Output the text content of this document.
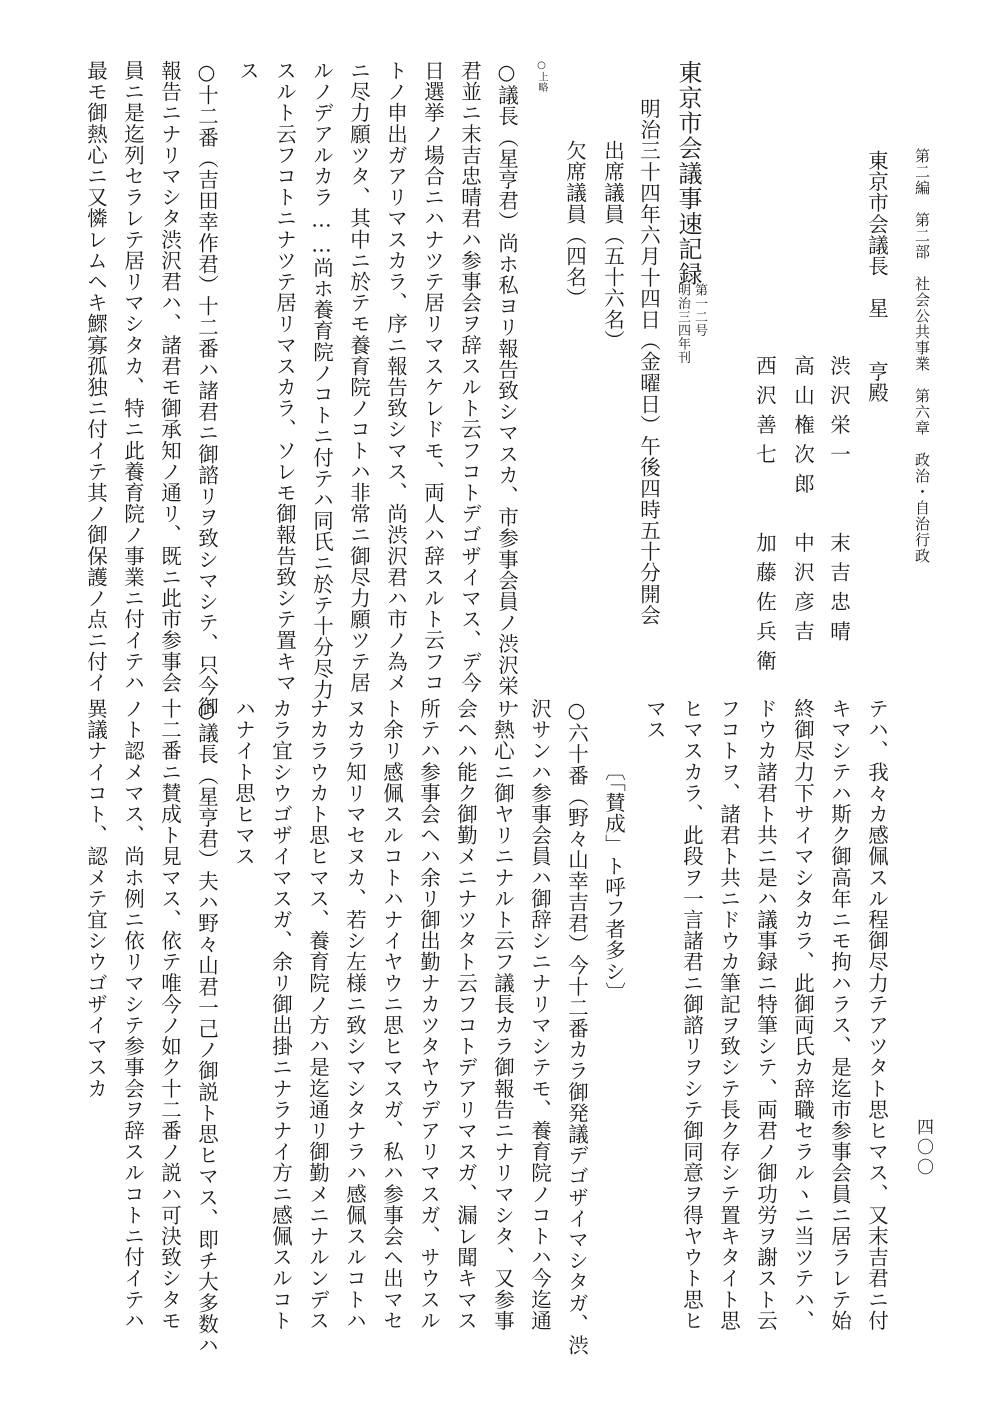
第二編　第二部　社会公共事業　第六章　政治・自治行政
四〇〇
東京市会議長　星　　亨殿
渋沢栄一　　末吉忠晴
高山権次郎　中沢彦吉
西沢善七　　加藤佐兵衛
東京市会議事速記録
第一二号
明治三四年刊
明治三十四年六月十四日（金曜日）午後四時五十分開会
出席議員（五十六名）
欠席議員（四名）
○上略
○議長（星亨君）尚ホ私ヨリ報告致シマスカ、市参事会員ノ渋沢栄一
君並ニ末吉忠晴君ハ参事会ヲ辞スルト云フコトデゴザイマス、デ今
日選挙ノ場合ニハナツテ居リマスケレドモ、両人ハ辞スルト云フコ
トノ申出ガアリマスカラ、序ニ報告致シマス、尚渋沢君ハ市ノ為メ
ニ尽力願ツタ、其中ニ於テモ養育院ノコトハ非常ニ御尽力願ツテ居
ルノデアルカラ……尚ホ養育院ノコトニ付テハ同氏ニ於テ十分尽力
スルト云フコトニナツテ居リマスカラ、ソレモ御報告致シテ置キマ
ス
○十二番（吉田幸作君）十二番ハ諸君ニ御諮リヲ致シマシテ、只今御
報告ニナリマシタ渋沢君ハ、諸君モ御承知ノ通リ、既ニ此市参事会
員ニ是迄列セラレテ居リマシタカ、特ニ此養育院ノ事業ニ付イテハ
最モ御熱心ニ又憐レムヘキ鰥寡孤独ニ付イテ其ノ御保護ノ点ニ付イ
テハ、我々カ感佩スル程御尽力テアツタト思ヒマス、又末吉君ニ付
キマシテハ斯ク御高年ニモ拘ハラス、是迄市参事会員ニ居ラレテ始
終御尽力下サイマシタカラ、此御両氏カ辞職セラルヽニ当ツテハ、
ドウカ諸君ト共ニ是ハ議事録ニ特筆シテ、両君ノ御功労ヲ謝スト云
フコトヲ、諸君ト共ニドウカ筆記ヲ致シテ長ク存シテ置キタイト思
ヒマスカラ、此段ヲ一言諸君ニ御諮リヲシテ御同意ヲ得ヤウト思ヒ
マス
〔「賛成」ト呼フ者多シ〕
○六十番（野々山幸吉君）今十二番カラ御発議デゴザイマシタガ、渋
沢サンハ参事会員ハ御辞シニナリマシテモ、養育院ノコトハ今迄通
リ熱心ニ御ヤリニナルト云フ議長カラ御報告ニナリマシタ、又参事
会ヘハ能ク御勤メニナツタト云フコトデアリマスガ、漏レ聞キマス
所テハ参事会ヘハ余リ御出勤ナカツタヤウデアリマスガ、サウスル
ト余リ感佩スルコトハナイヤウニ思ヒマスガ、私ハ参事会ヘ出マセ
ヌカラ知リマセヌカ、若シ左様ニ致シマシタナラハ感佩スルコトハ
ナカラウカト思ヒマス、養育院ノ方ハ是迄通リ御勤メニナルンデス
カラ宜シウゴザイマスガ、余リ御出掛ニナラナイ方ニ感佩スルコト
ハナイト思ヒマス
○議長（星亨君）夫ハ野々山君一己ノ御説ト思ヒマス、即チ大多数ハ
十二番ニ賛成ト見マス、依テ唯今ノ如ク十二番ノ説ハ可決致シタモ
ノト認メマス、尚ホ例ニ依リマシテ参事会ヲ辞スルコトニ付イテハ
異議ナイコト、認メテ宜シウゴザイマスカ
